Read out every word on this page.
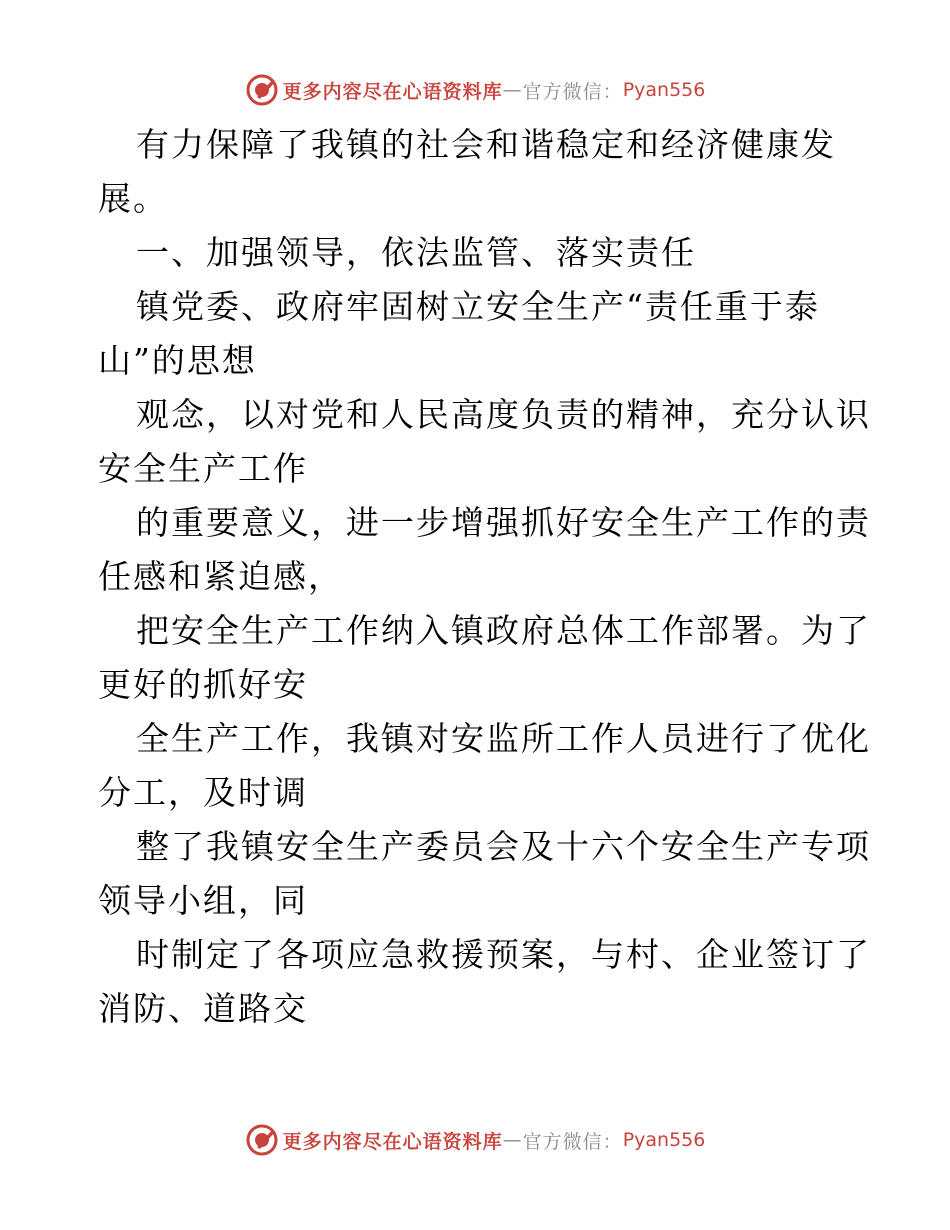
更多内容尽在心语资料库 — 官方微信： Pyan556
有力保障了我镇的社会和谐稳定和经济健康发
展。
一、加强领导，依法监管、落实责任
镇党委、政府牢固树立安全生产“责任重于泰
山”的思想
观念，以对党和人民高度负责的精神，充分认识
安全生产工作
的重要意义，进一步增强抓好安全生产工作的责
任感和紧迫感，
把安全生产工作纳入镇政府总体工作部署。为了
更好的抓好安
全生产工作，我镇对安监所工作人员进行了优化
分工，及时调
整了我镇安全生产委员会及十六个安全生产专项
领导小组，同
时制定了各项应急救援预案，与村、企业签订了
消防、道路交
更多内容尽在心语资料库 — 官方微信： Pyan556
